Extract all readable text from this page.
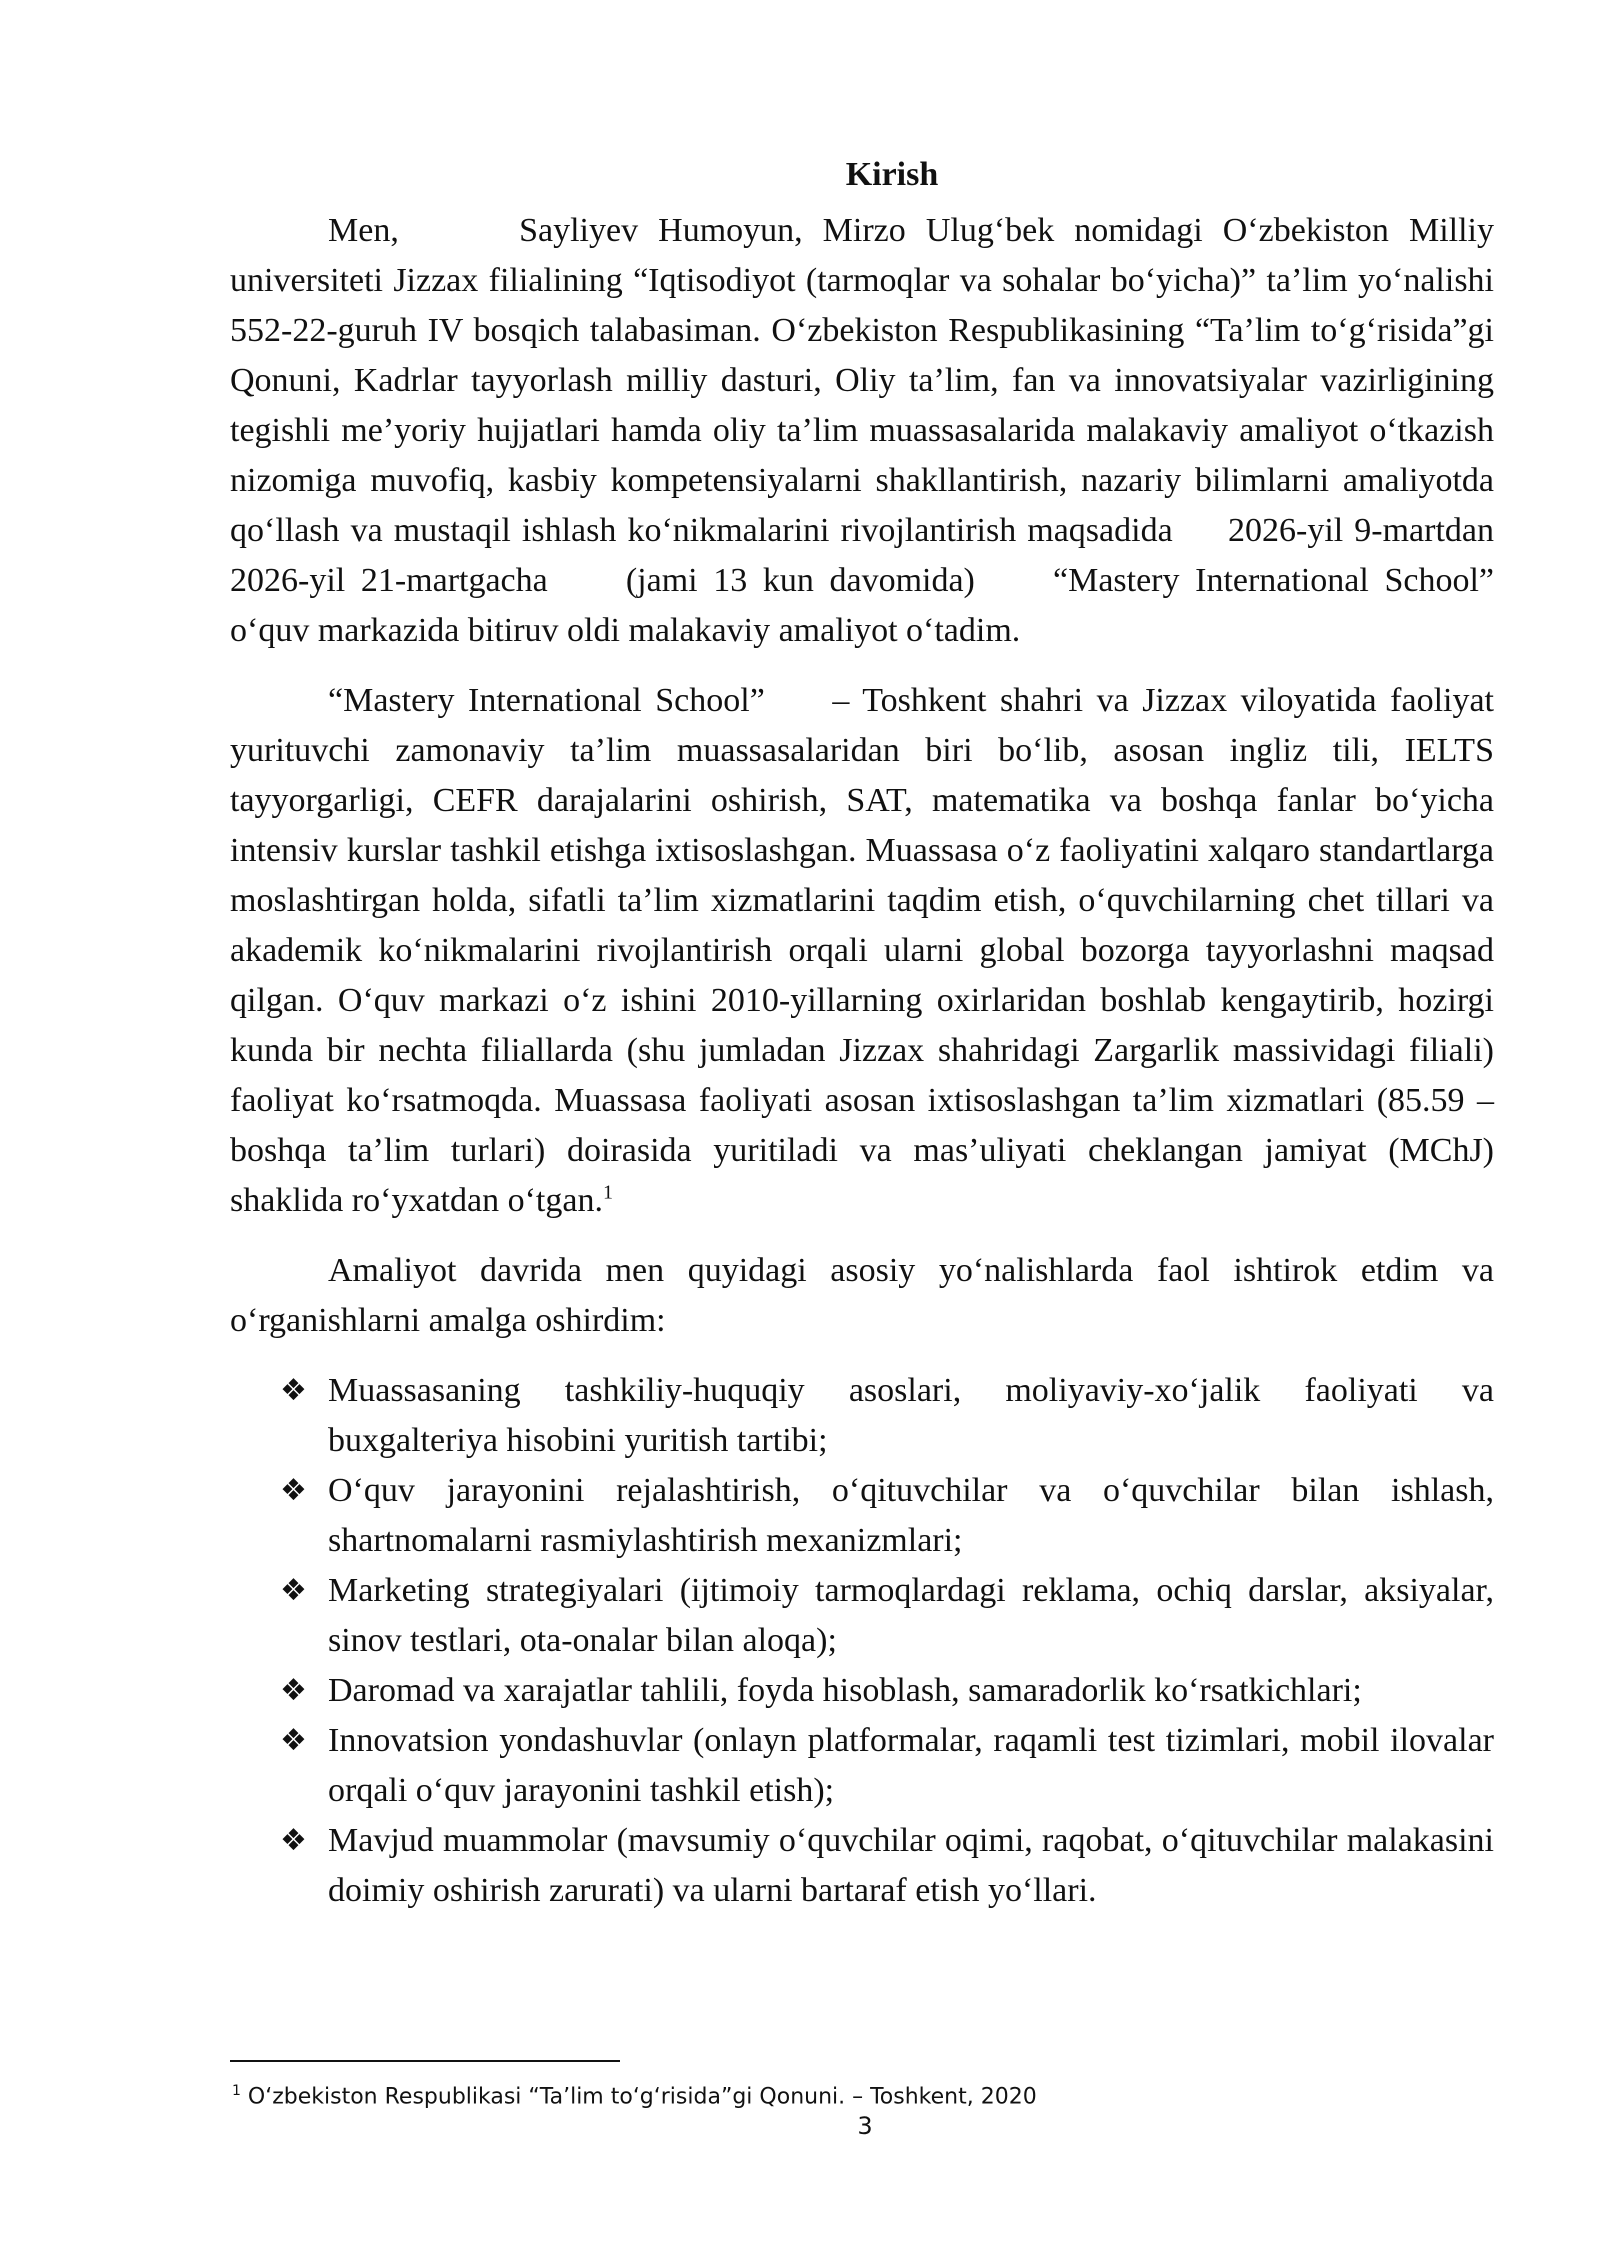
Kirish

Men,      Sayliyev Humoyun, Mirzo Ulug‘bek nomidagi O‘zbekiston Milliy universiteti Jizzax filialining “Iqtisodiyot (tarmoqlar va sohalar bo‘yicha)” ta’lim yo‘nalishi 552-22-guruh IV bosqich talabasiman. O‘zbekiston Respublikasining “Ta’lim to‘g‘risida”gi Qonuni, Kadrlar tayyorlash milliy dasturi, Oliy ta’lim, fan va innovatsiyalar vazirligining tegishli me’yoriy hujjatlari hamda oliy ta’lim muassasalarida malakaviy amaliyot o‘tkazish nizomiga muvofiq, kasbiy kompetensiyalarni shakllantirish, nazariy bilimlarni amaliyotda qo‘llash va mustaqil ishlash ko‘nikmalarini rivojlantirish maqsadida     2026-yil 9-martdan 2026-yil 21-martgacha     (jami 13 kun davomida)     “Mastery International School”     o‘quv markazida bitiruv oldi malakaviy amaliyot o‘tadim.

“Mastery International School”     – Toshkent shahri va Jizzax viloyatida faoliyat yurituvchi zamonaviy ta’lim muassasalaridan biri bo‘lib, asosan ingliz tili, IELTS tayyorgarligi, CEFR darajalarini oshirish, SAT, matematika va boshqa fanlar bo‘yicha intensiv kurslar tashkil etishga ixtisoslashgan. Muassasa o‘z faoliyatini xalqaro standartlarga moslashtirgan holda, sifatli ta’lim xizmatlarini taqdim etish, o‘quvchilarning chet tillari va akademik ko‘nikmalarini rivojlantirish orqali ularni global bozorga tayyorlashni maqsad qilgan. O‘quv markazi o‘z ishini 2010-yillarning oxirlaridan boshlab kengaytirib, hozirgi kunda bir nechta filiallarda (shu jumladan Jizzax shahridagi Zargarlik massividagi filiali) faoliyat ko‘rsatmoqda. Muassasa faoliyati asosan ixtisoslashgan ta’lim xizmatlari (85.59 – boshqa ta’lim turlari) doirasida yuritiladi va mas’uliyati cheklangan jamiyat (MChJ) shaklida ro‘yxatdan o‘tgan.$^1$

Amaliyot davrida men quyidagi asosiy yo‘nalishlarda faol ishtirok etdim va o‘rganishlarni amalga oshirdim:

❖ Muassasaning tashkiliy-huquqiy asoslari, moliyaviy-xo‘jalik faoliyati va buxgalteriya hisobini yuritish tartibi;
❖ O‘quv jarayonini rejalashtirish, o‘qituvchilar va o‘quvchilar bilan ishlash, shartnomalarni rasmiylashtirish mexanizmlari;
❖ Marketing strategiyalari (ijtimoiy tarmoqlardagi reklama, ochiq darslar, aksiyalar, sinov testlari, ota-onalar bilan aloqa);
❖ Daromad va xarajatlar tahlili, foyda hisoblash, samaradorlik ko‘rsatkichlari;
❖ Innovatsion yondashuvlar (onlayn platformalar, raqamli test tizimlari, mobil ilovalar orqali o‘quv jarayonini tashkil etish);
❖ Mavjud muammolar (mavsumiy o‘quvchilar oqimi, raqobat, o‘qituvchilar malakasini doimiy oshirish zarurati) va ularni bartaraf etish yo‘llari.
$^1$ O‘zbekiston Respublikasi “Ta’lim to‘g‘risida”gi Qonuni. – Toshkent, 2020
3
